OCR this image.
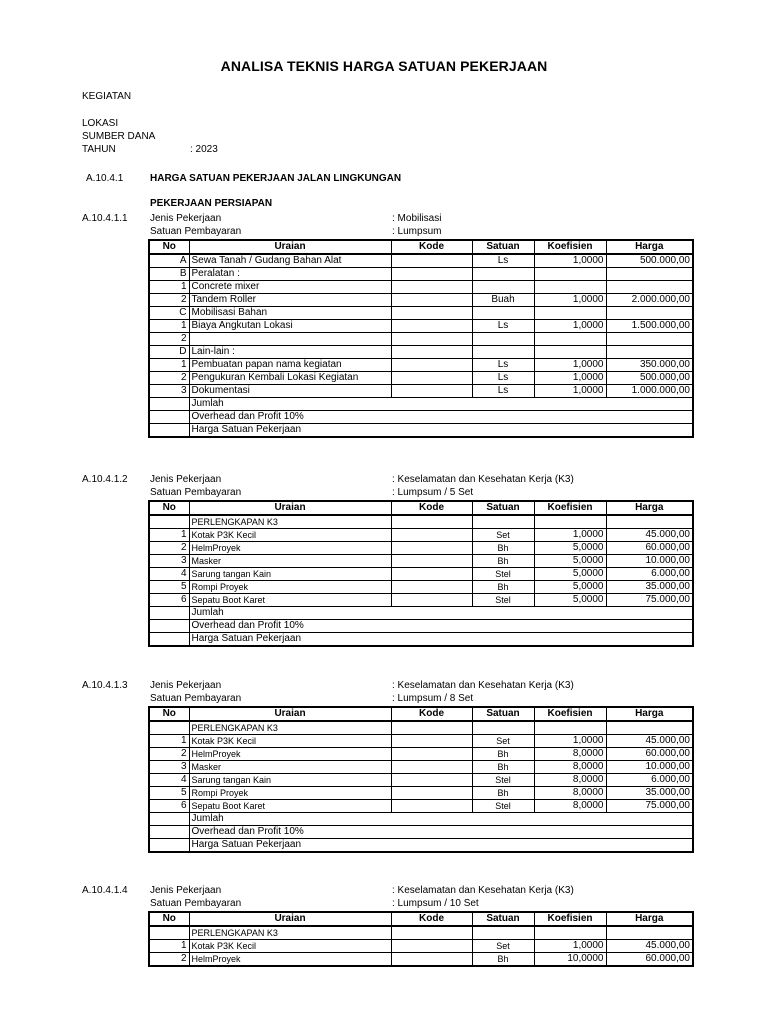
ANALISA TEKNIS HARGA SATUAN PEKERJAAN
KEGIATAN
LOKASI
SUMBER DANA
TAHUN	: 2023
A.10.4.1	HARGA SATUAN PEKERJAAN JALAN LINGKUNGAN
PEKERJAAN PERSIAPAN
A.10.4.1.1 Jenis Pekerjaan	: Mobilisasi
Satuan Pembayaran	: Lumpsum
No	Uraian	Kode	Satuan	Koefisien	Harga
A	Sewa Tanah / Gudang Bahan Alat		Ls	1,0000	500.000,00
B	Peralatan :				
1	Concrete mixer				
2	Tandem Roller		Buah	1,0000	2.000.000,00
C	Mobilisasi Bahan				
1	Biaya Angkutan Lokasi		Ls	1,0000	1.500.000,00
2					
D	Lain-lain :				
1	Pembuatan papan nama kegiatan		Ls	1,0000	350.000,00
2	Pengukuran Kembali Lokasi Kegiatan		Ls	1,0000	500.000,00
3	Dokumentasi		Ls	1,0000	1.000.000,00
	Jumlah				
	Overhead dan Profit 10%				
	Harga Satuan Pekerjaan				
A.10.4.1.2 Jenis Pekerjaan	: Keselamatan dan Kesehatan Kerja (K3)
Satuan Pembayaran	: Lumpsum / 5 Set
No	Uraian	Kode	Satuan	Koefisien	Harga
	PERLENGKAPAN K3				
1	Kotak P3K Kecil		Set	1,0000	45.000,00
2	HelmProyek		Bh	5,0000	60.000,00
3	Masker		Bh	5,0000	10.000,00
4	Sarung tangan Kain		Stel	5,0000	6.000,00
5	Rompi Proyek		Bh	5,0000	35.000,00
6	Sepatu Boot Karet		Stel	5,0000	75.000,00
	Jumlah				
	Overhead dan Profit 10%				
	Harga Satuan Pekerjaan				
A.10.4.1.3 Jenis Pekerjaan	: Keselamatan dan Kesehatan Kerja (K3)
Satuan Pembayaran	: Lumpsum / 8 Set
No	Uraian	Kode	Satuan	Koefisien	Harga
	PERLENGKAPAN K3				
1	Kotak P3K Kecil		Set	1,0000	45.000,00
2	HelmProyek		Bh	8,0000	60.000,00
3	Masker		Bh	8,0000	10.000,00
4	Sarung tangan Kain		Stel	8,0000	6.000,00
5	Rompi Proyek		Bh	8,0000	35.000,00
6	Sepatu Boot Karet		Stel	8,0000	75.000,00
	Jumlah				
	Overhead dan Profit 10%				
	Harga Satuan Pekerjaan				
A.10.4.1.4 Jenis Pekerjaan	: Keselamatan dan Kesehatan Kerja (K3)
Satuan Pembayaran	: Lumpsum / 10 Set
No	Uraian	Kode	Satuan	Koefisien	Harga
	PERLENGKAPAN K3				
1	Kotak P3K Kecil		Set	1,0000	45.000,00
2	HelmProyek		Bh	10,0000	60.000,00
